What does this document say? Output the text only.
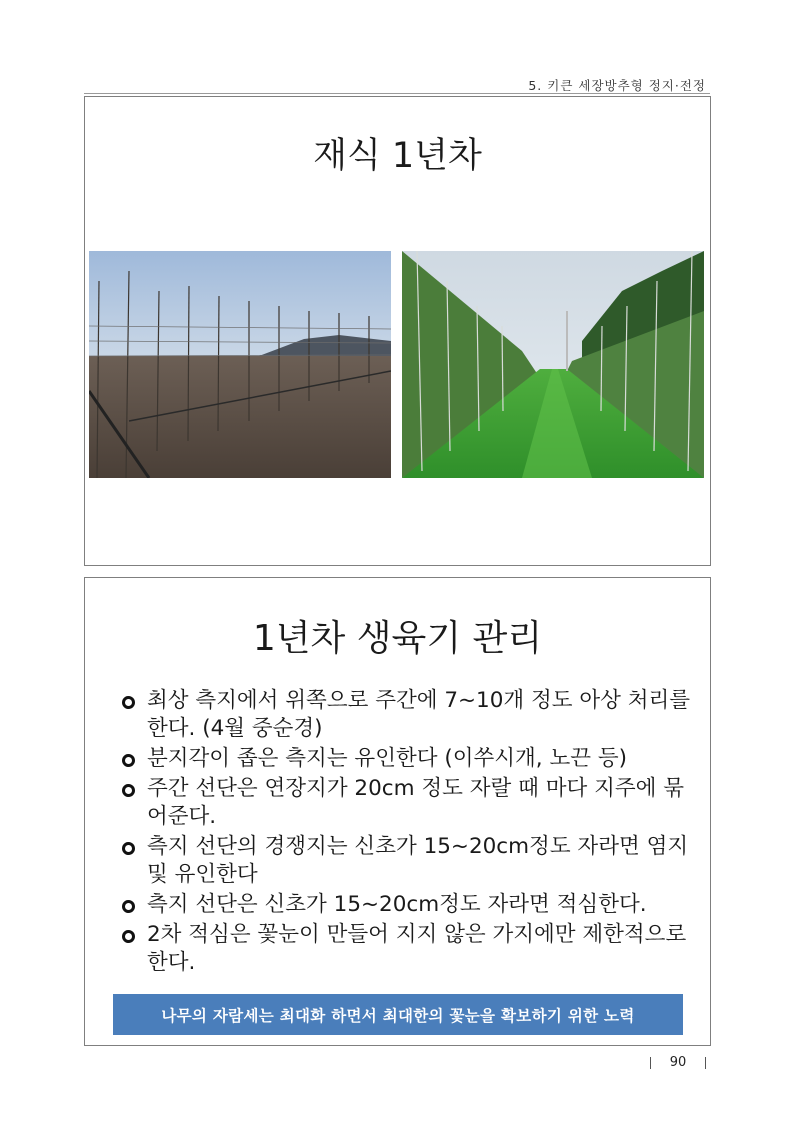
5. 키큰 세장방추형 정지·전정
재식 1년차
1년차 생육기 관리
최상 측지에서 위쪽으로 주간에 7~10개 정도 아상 처리를 한다. (4월 중순경)
분지각이 좁은 측지는 유인한다 (이쑤시개, 노끈 등)
주간 선단은 연장지가 20cm 정도 자랄 때 마다 지주에 묶어준다.
측지 선단의 경쟁지는 신초가 15~20cm정도 자라면 염지 및 유인한다
측지 선단은 신초가 15~20cm정도 자라면 적심한다.
2차 적심은 꽃눈이 만들어 지지 않은 가지에만 제한적으로 한다.
나무의 자람세는 최대화 하면서 최대한의 꽃눈을 확보하기 위한 노력
90
